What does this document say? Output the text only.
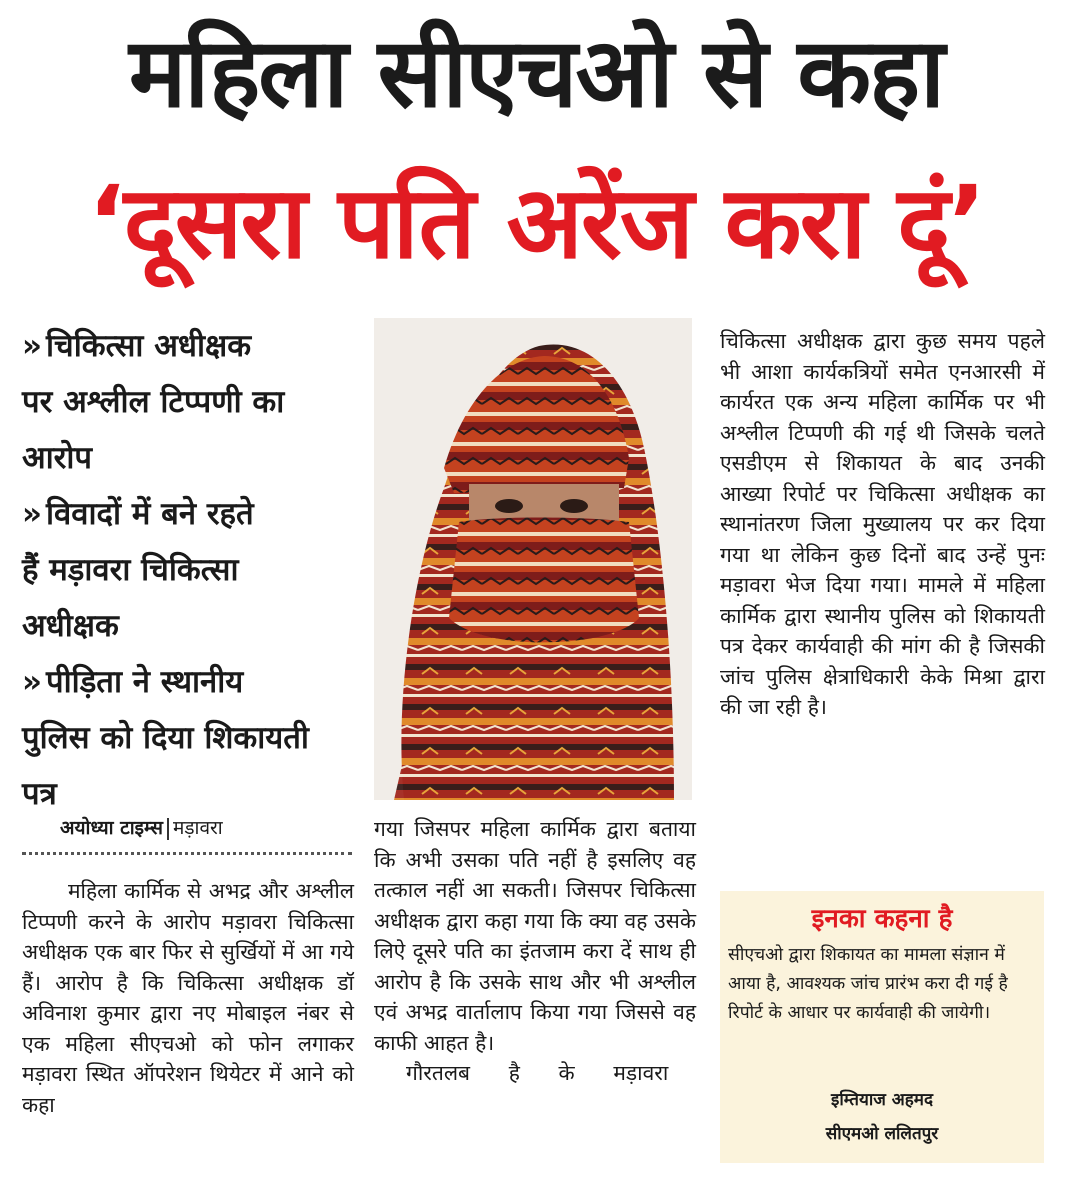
महिला सीएचओ से कहा
‘दूसरा पति अरेंज करा दूं’
» चिकित्सा अधीक्षक
पर अश्लील टिप्पणी का
आरोप
» विवादों में बने रहते
हैं मड़ावरा चिकित्सा
अधीक्षक
» पीड़िता ने स्थानीय
पुलिस को दिया शिकायती
पत्र
अयोध्या टाइम्स मड़ावरा

महिला कार्मिक से अभद्र और अश्लील टिप्पणी करने के आरोप मड़ावरा चिकित्सा अधीक्षक एक बार फिर से सुर्खियों में आ गये हैं। आरोप है कि चिकित्सा अधीक्षक डॉ अविनाश कुमार द्वारा नए मोबाइल नंबर से एक महिला सीएचओ को फोन लगाकर मड़ावरा स्थित ऑपरेशन थियेटर में आने को कहा

गया जिसपर महिला कार्मिक द्वारा बताया कि अभी उसका पति नहीं है इसलिए वह तत्काल नहीं आ सकती। जिसपर चिकित्सा अधीक्षक द्वारा कहा गया कि क्या वह उसके लिऐ दूसरे पति का इंतजाम करा दें साथ ही आरोप है कि उसके साथ और भी अश्लील एवं अभद्र वार्तालाप किया गया जिससे वह काफी आहत है।

गौरतलब है के मड़ावरा

चिकित्सा अधीक्षक द्वारा कुछ समय पहले भी आशा कार्यकत्रियों समेत एनआरसी में कार्यरत एक अन्य महिला कार्मिक पर भी अश्लील टिप्पणी की गई थी जिसके चलते एसडीएम से शिकायत के बाद उनकी आख्या रिपोर्ट पर चिकित्सा अधीक्षक का स्थानांतरण जिला मुख्यालय पर कर दिया गया था लेकिन कुछ दिनों बाद उन्हें पुनः मड़ावरा भेज दिया गया। मामले में महिला कार्मिक द्वारा स्थानीय पुलिस को शिकायती पत्र देकर कार्यवाही की मांग की है जिसकी जांच पुलिस क्षेत्राधिकारी केके मिश्रा द्वारा की जा रही है।

इनका कहना है
सीएचओ द्वारा शिकायत का मामला संज्ञान में आया है, आवश्यक जांच प्रारंभ करा दी गई है रिपोर्ट के आधार पर कार्यवाही की जायेगी।
इम्तियाज अहमद
सीएमओ ललितपुर
